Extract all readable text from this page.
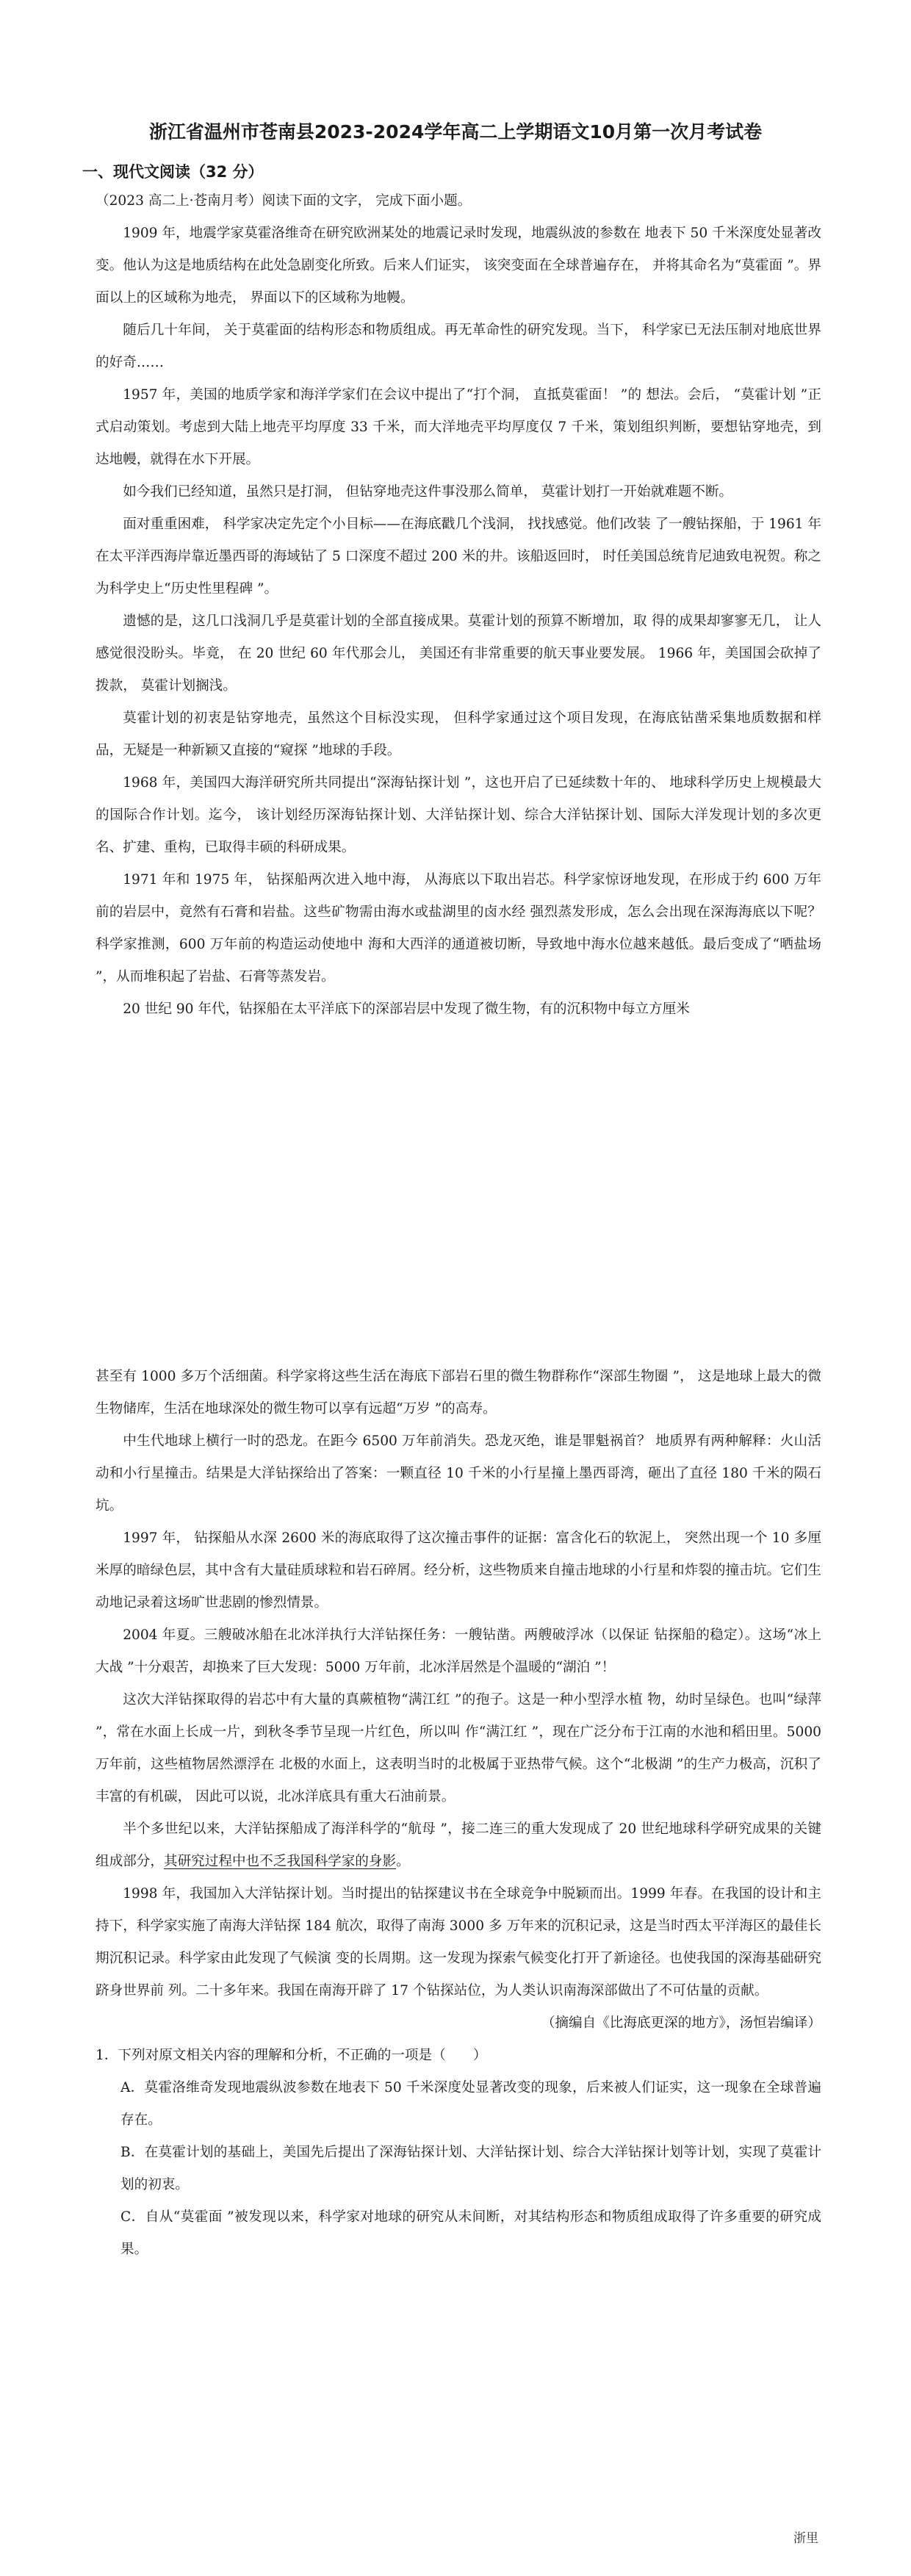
浙江省温州市苍南县2023-2024学年高二上学期语文10月第一次月考试卷
一、现代文阅读（32 分）

（2023 高二上·苍南月考）阅读下面的文字， 完成下面小题。

1909 年，地震学家莫霍洛维奇在研究欧洲某处的地震记录时发现，地震纵波的参数在 地表下 50 千米深度处显著改变。他认为这是地质结构在此处急剧变化所致。后来人们证实， 该突变面在全球普遍存在， 并将其命名为“莫霍面 ”。界面以上的区域称为地壳， 界面以下的区域称为地幔。

随后几十年间， 关于莫霍面的结构形态和物质组成。再无革命性的研究发现。当下， 科学家已无法压制对地底世界的好奇……

1957 年，美国的地质学家和海洋学家们在会议中提出了“打个洞， 直抵莫霍面！ ”的 想法。会后， “莫霍计划 ”正式启动策划。考虑到大陆上地壳平均厚度 33 千米，而大洋地壳平均厚度仅 7 千米，策划组织判断，要想钻穿地壳，到达地幔，就得在水下开展。

如今我们已经知道，虽然只是打洞， 但钻穿地壳这件事没那么简单， 莫霍计划打一开始就难题不断。

面对重重困难， 科学家决定先定个小目标——在海底戳几个浅洞， 找找感觉。他们改装 了一艘钻探船，于 1961 年在太平洋西海岸靠近墨西哥的海域钻了 5 口深度不超过 200 米的井。该船返回时， 时任美国总统肯尼迪致电祝贺。称之为科学史上“历史性里程碑 ”。

遗憾的是，这几口浅洞几乎是莫霍计划的全部直接成果。莫霍计划的预算不断增加，取 得的成果却寥寥无几， 让人感觉很没盼头。毕竟， 在 20 世纪 60 年代那会儿， 美国还有非常重要的航天事业要发展。 1966 年，美国国会砍掉了拨款， 莫霍计划搁浅。

莫霍计划的初衷是钻穿地壳，虽然这个目标没实现， 但科学家通过这个项目发现，在海底钻凿采集地质数据和样品，无疑是一种新颖又直接的“窥探 ”地球的手段。

1968 年，美国四大海洋研究所共同提出“深海钻探计划 ”，这也开启了已延续数十年的、 地球科学历史上规模最大的国际合作计划。迄今， 该计划经历深海钻探计划、大洋钻探计划、综合大洋钻探计划、国际大洋发现计划的多次更名、扩建、重构，已取得丰硕的科研成果。

1971 年和 1975 年， 钻探船两次进入地中海， 从海底以下取出岩芯。科学家惊讶地发现，在形成于约 600 万年前的岩层中，竟然有石膏和岩盐。这些矿物需由海水或盐湖里的卤水经 强烈蒸发形成，怎么会出现在深海海底以下呢？科学家推测，600 万年前的构造运动使地中 海和大西洋的通道被切断，导致地中海水位越来越低。最后变成了“晒盐场 ”，从而堆积起了岩盐、石膏等蒸发岩。

20 世纪 90 年代，钻探船在太平洋底下的深部岩层中发现了微生物，有的沉积物中每立方厘米

甚至有 1000 多万个活细菌。科学家将这些生活在海底下部岩石里的微生物群称作“深部生物圈 ”， 这是地球上最大的微生物储库，生活在地球深处的微生物可以享有远超“万岁 ”的高寿。

中生代地球上横行一时的恐龙。在距今 6500 万年前消失。恐龙灭绝，谁是罪魁祸首？ 地质界有两种解释：火山活动和小行星撞击。结果是大洋钻探给出了答案：一颗直径 10 千米的小行星撞上墨西哥湾，砸出了直径 180 千米的陨石坑。

1997 年， 钻探船从水深 2600 米的海底取得了这次撞击事件的证据：富含化石的软泥上， 突然出现一个 10 多厘米厚的暗绿色层，其中含有大量硅质球粒和岩石碎屑。经分析，这些物质来自撞击地球的小行星和炸裂的撞击坑。它们生动地记录着这场旷世悲剧的惨烈情景。

2004 年夏。三艘破冰船在北冰洋执行大洋钻探任务：一艘钻凿。两艘破浮冰（以保证 钻探船的稳定）。这场“冰上大战 ”十分艰苦，却换来了巨大发现：5000 万年前，北冰洋居然是个温暖的“湖泊 ”！

这次大洋钻探取得的岩芯中有大量的真蕨植物“满江红 ”的孢子。这是一种小型浮水植 物，幼时呈绿色。也叫“绿萍 ”，常在水面上长成一片，到秋冬季节呈现一片红色，所以叫 作“满江红 ”，现在广泛分布于江南的水池和稻田里。5000 万年前，这些植物居然漂浮在 北极的水面上，这表明当时的北极属于亚热带气候。这个“北极湖 ”的生产力极高，沉积了丰富的有机碳， 因此可以说，北冰洋底具有重大石油前景。

半个多世纪以来，大洋钻探船成了海洋科学的“航母 ”，接二连三的重大发现成了 20 世纪地球科学研究成果的关键组成部分，其研究过程中也不乏我国科学家的身影。

1998 年，我国加入大洋钻探计划。当时提出的钻探建议书在全球竞争中脱颖而出。1999 年春。在我国的设计和主持下，科学家实施了南海大洋钻探 184 航次，取得了南海 3000 多 万年来的沉积记录，这是当时西太平洋海区的最佳长期沉积记录。科学家由此发现了气候演 变的长周期。这一发现为探索气候变化打开了新途径。也使我国的深海基础研究跻身世界前 列。二十多年来。我国在南海开辟了 17 个钻探站位，为人类认识南海深部做出了不可估量的贡献。

（摘编自《比海底更深的地方》，汤恒岩编译）

1．下列对原文相关内容的理解和分析，不正确的一项是（　　）

A．莫霍洛维奇发现地震纵波参数在地表下 50 千米深度处显著改变的现象，后来被人们证实，这一现象在全球普遍存在。

B．在莫霍计划的基础上，美国先后提出了深海钻探计划、大洋钻探计划、综合大洋钻探计划等计划，实现了莫霍计划的初衷。

C．自从“莫霍面 ”被发现以来，科学家对地球的研究从未间断，对其结构形态和物质组成取得了许多重要的研究成果。

浙里
